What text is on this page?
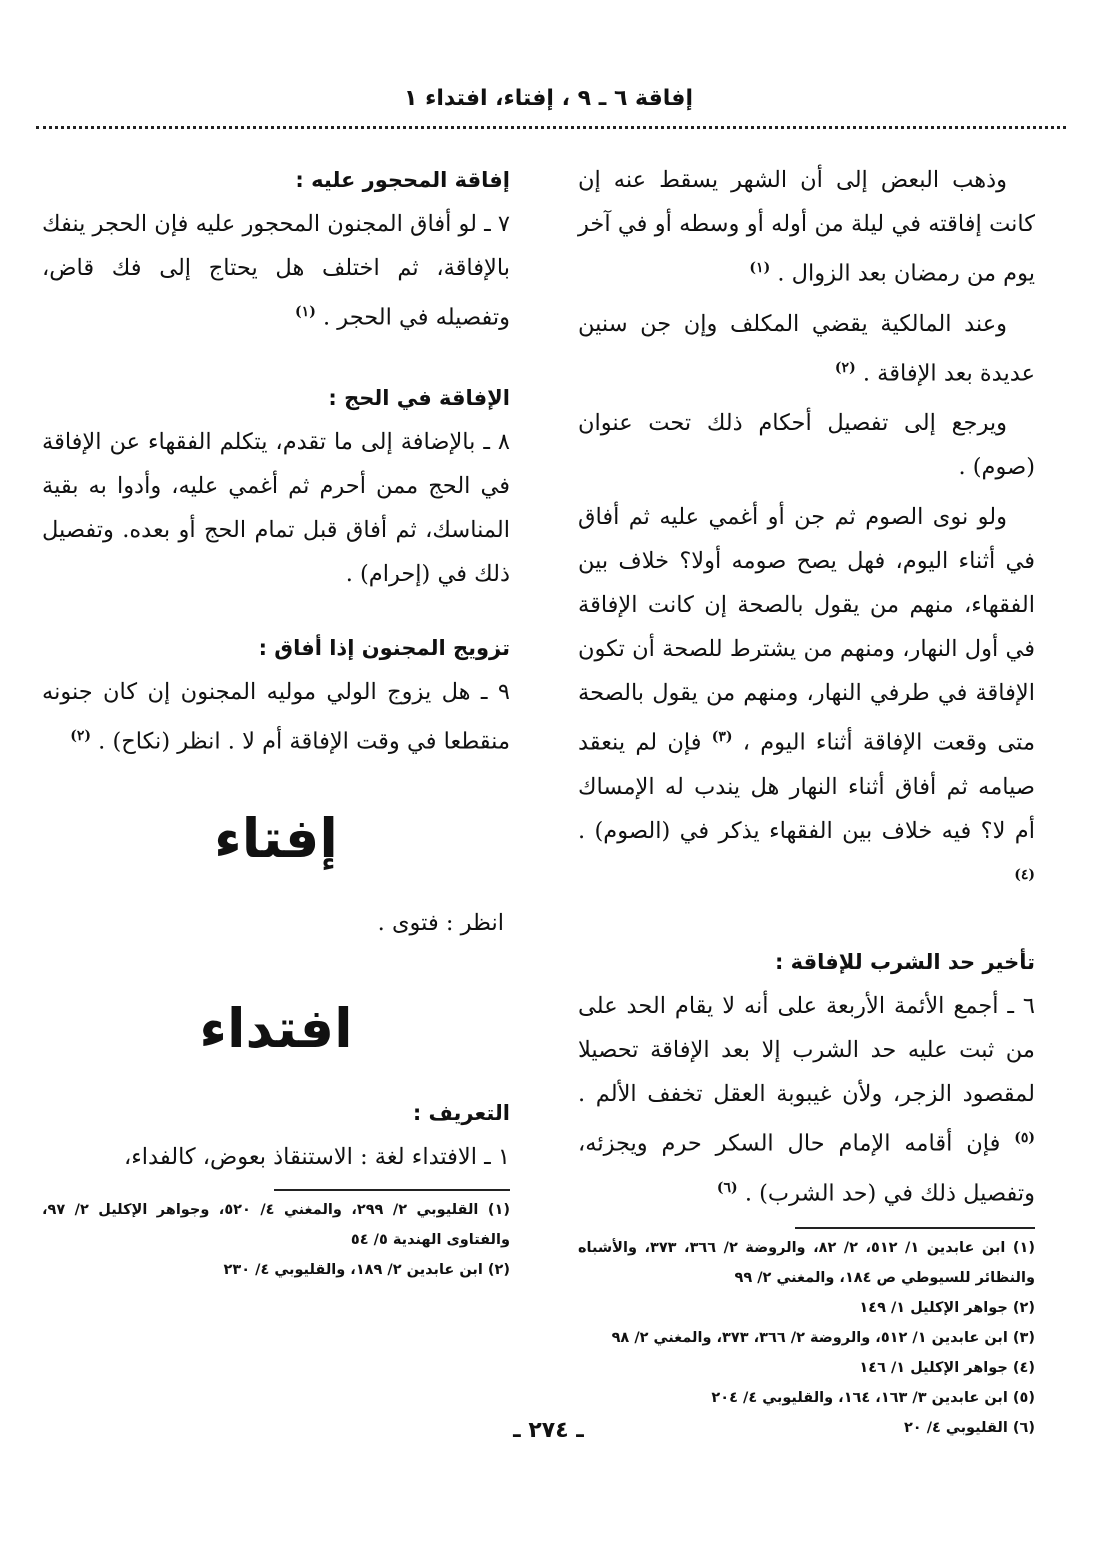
إفاقة ٦ ـ ٩ ، إفتاء، افتداء ١

وذهب البعض إلى أن الشهر يسقط عنه إن كانت إفاقته في ليلة من أوله أو وسطه أو في آخر يوم من رمضان بعد الزوال . $^{(١)}$

وعند المالكية يقضي المكلف وإن جن سنين عديدة بعد الإفاقة . $^{(٢)}$

ويرجع إلى تفصيل أحكام ذلك تحت عنوان (صوم) .

ولو نوى الصوم ثم جن أو أغمي عليه ثم أفاق في أثناء اليوم، فهل يصح صومه أولا؟ خلاف بين الفقهاء، منهم من يقول بالصحة إن كانت الإفاقة في أول النهار، ومنهم من يشترط للصحة أن تكون الإفاقة في طرفي النهار، ومنهم من يقول بالصحة متى وقعت الإفاقة أثناء اليوم ، $^{(٣)}$ فإن لم ينعقد صيامه ثم أفاق أثناء النهار هل يندب له الإمساك أم لا؟ فيه خلاف بين الفقهاء يذكر في (الصوم) . $^{(٤)}$

تأخير حد الشرب للإفاقة :

٦ ـ أجمع الأئمة الأربعة على أنه لا يقام الحد على من ثبت عليه حد الشرب إلا بعد الإفاقة تحصيلا لمقصود الزجر، ولأن غيبوبة العقل تخفف الألم . $^{(٥)}$ فإن أقامه الإمام حال السكر حرم ويجزئه، وتفصيل ذلك في (حد الشرب) . $^{(٦)}$

(١) ابن عابدين ١/ ٥١٢، ٢/ ٨٢، والروضة ٢/ ٣٦٦، ٣٧٣، والأشباه والنظائر للسيوطي ص ١٨٤، والمغني ٢/ ٩٩
(٢) جواهر الإكليل ١/ ١٤٩
(٣) ابن عابدين ١/ ٥١٢، والروضة ٢/ ٣٦٦، ٣٧٣، والمغني ٢/ ٩٨
(٤) جواهر الإكليل ١/ ١٤٦
(٥) ابن عابدين ٣/ ١٦٣، ١٦٤، والقليوبي ٤/ ٢٠٤
(٦) القليوبي ٤/ ٢٠

إفاقة المحجور عليه :

٧ ـ لو أفاق المجنون المحجور عليه فإن الحجر ينفك بالإفاقة، ثم اختلف هل يحتاج إلى فك قاض، وتفصيله في الحجر . $^{(١)}$

الإفاقة في الحج :

٨ ـ بالإضافة إلى ما تقدم، يتكلم الفقهاء عن الإفاقة في الحج ممن أحرم ثم أغمي عليه، وأدوا به بقية المناسك، ثم أفاق قبل تمام الحج أو بعده. وتفصيل ذلك في (إحرام) .

تزويج المجنون إذا أفاق :

٩ ـ هل يزوج الولي موليه المجنون إن كان جنونه منقطعا في وقت الإفاقة أم لا . انظر (نكاح) . $^{(٢)}$

إفتاء

انظر : فتوى .

افتداء

التعريف :

١ ـ الافتداء لغة : الاستنقاذ بعوض، كالفداء،

(١) القليوبي ٢/ ٢٩٩، والمغني ٤/ ٥٢٠، وجواهر الإكليل ٢/ ٩٧، والفتاوى الهندية ٥/ ٥٤
(٢) ابن عابدين ٢/ ١٨٩، والقليوبي ٤/ ٢٣٠
ـ ٢٧٤ ـ
